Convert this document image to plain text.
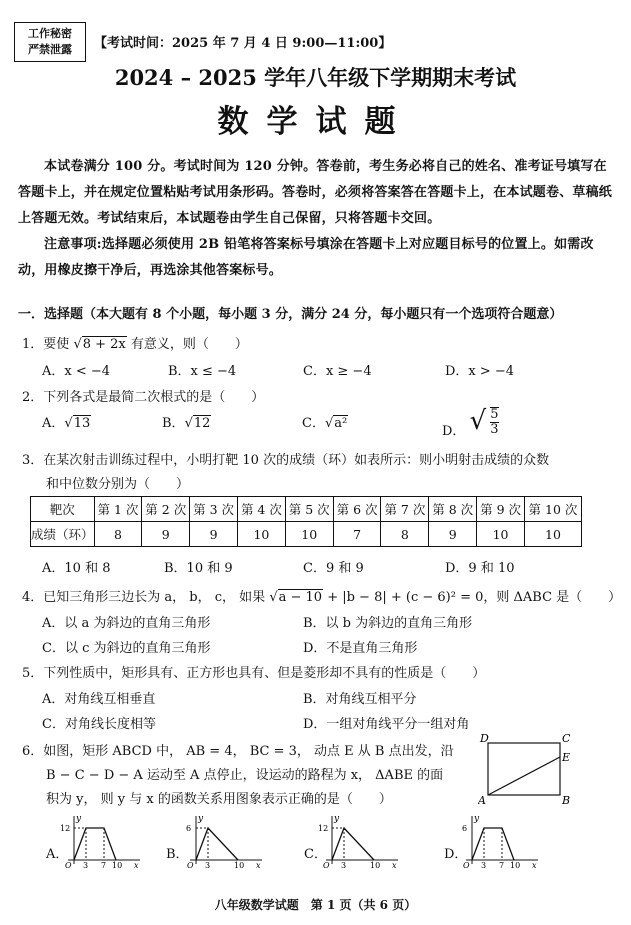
工作秘密
严禁泄露	【考试时间：2025 年 7 月 4 日 9:00—11:00】
2024 – 2025 学年八年级下学期期末考试
数学试题

本试卷满分 100 分。考试时间为 120 分钟。答卷前，考生务必将自己的姓名、准考证号填写在答题卡上，并在规定位置粘贴考试用条形码。答卷时，必须将答案答在答题卡上，在本试题卷、草稿纸上答题无效。考试结束后，本试题卷由学生自己保留，只将答题卡交回。

注意事项:选择题必须使用 2B 铅笔将答案标号填涂在答题卡上对应题目标号的位置上。如需改动，用橡皮擦干净后，再选涂其他答案标号。

一．选择题（本大题有 8 个小题，每小题 3 分，满分 24 分，每小题只有一个选项符合题意）
1．要使 √8 + 2x 有意义，则（　　）
A．x < −4	B．x ≤ −4	C．x ≥ −4	D．x > −4
2．下列各式是最简二次根式的是（　　）
A．√13	B．√12	C．√a²
D． √ $\frac{5}{3}$
3．在某次射击训练过程中，小明打靶 10 次的成绩（环）如表所示：则小明射击成绩的众数
和中位数分别为（　　）
靶次	第 1 次	第 2 次	第 3 次	第 4 次	第 5 次	第 6 次	第 7 次	第 8 次	第 9 次	第 10 次
成绩（环）	8	9	9	10	10	7	8	9	10	10
A．10 和 8	B．10 和 9	C．9 和 9	D．9 和 10
4．已知三角形三边长为 a， b， c， 如果 √a − 10 + |b − 8| + (c − 6)² = 0，则 ΔABC 是（　　）
A．以 a 为斜边的直角三角形	B．以 b 为斜边的直角三角形
C．以 c 为斜边的直角三角形	D．不是直角三角形
5．下列性质中，矩形具有、正方形也具有、但是菱形却不具有的性质是（　　）
A．对角线互相垂直	B．对角线互相平分
C．对角线长度相等	D．一组对角线平分一组对角
6．如图，矩形 ABCD 中， AB = 4， BC = 3， 动点 E 从 B 点出发，沿
B − C − D − A 运动至 A 点停止，设运动的路程为 x， ΔABE 的面
积为 y， 则 y 与 x 的函数关系用图象表示正确的是（　　）
D	C
E
A	B
A．	B．	C．	D．
y
12
O 3 7 10 x
y
6
O 3	10 x
y
12
O 3	10 x
y
6
O 3 7 10 x
八年级数学试题　第 1 页（共 6 页）
